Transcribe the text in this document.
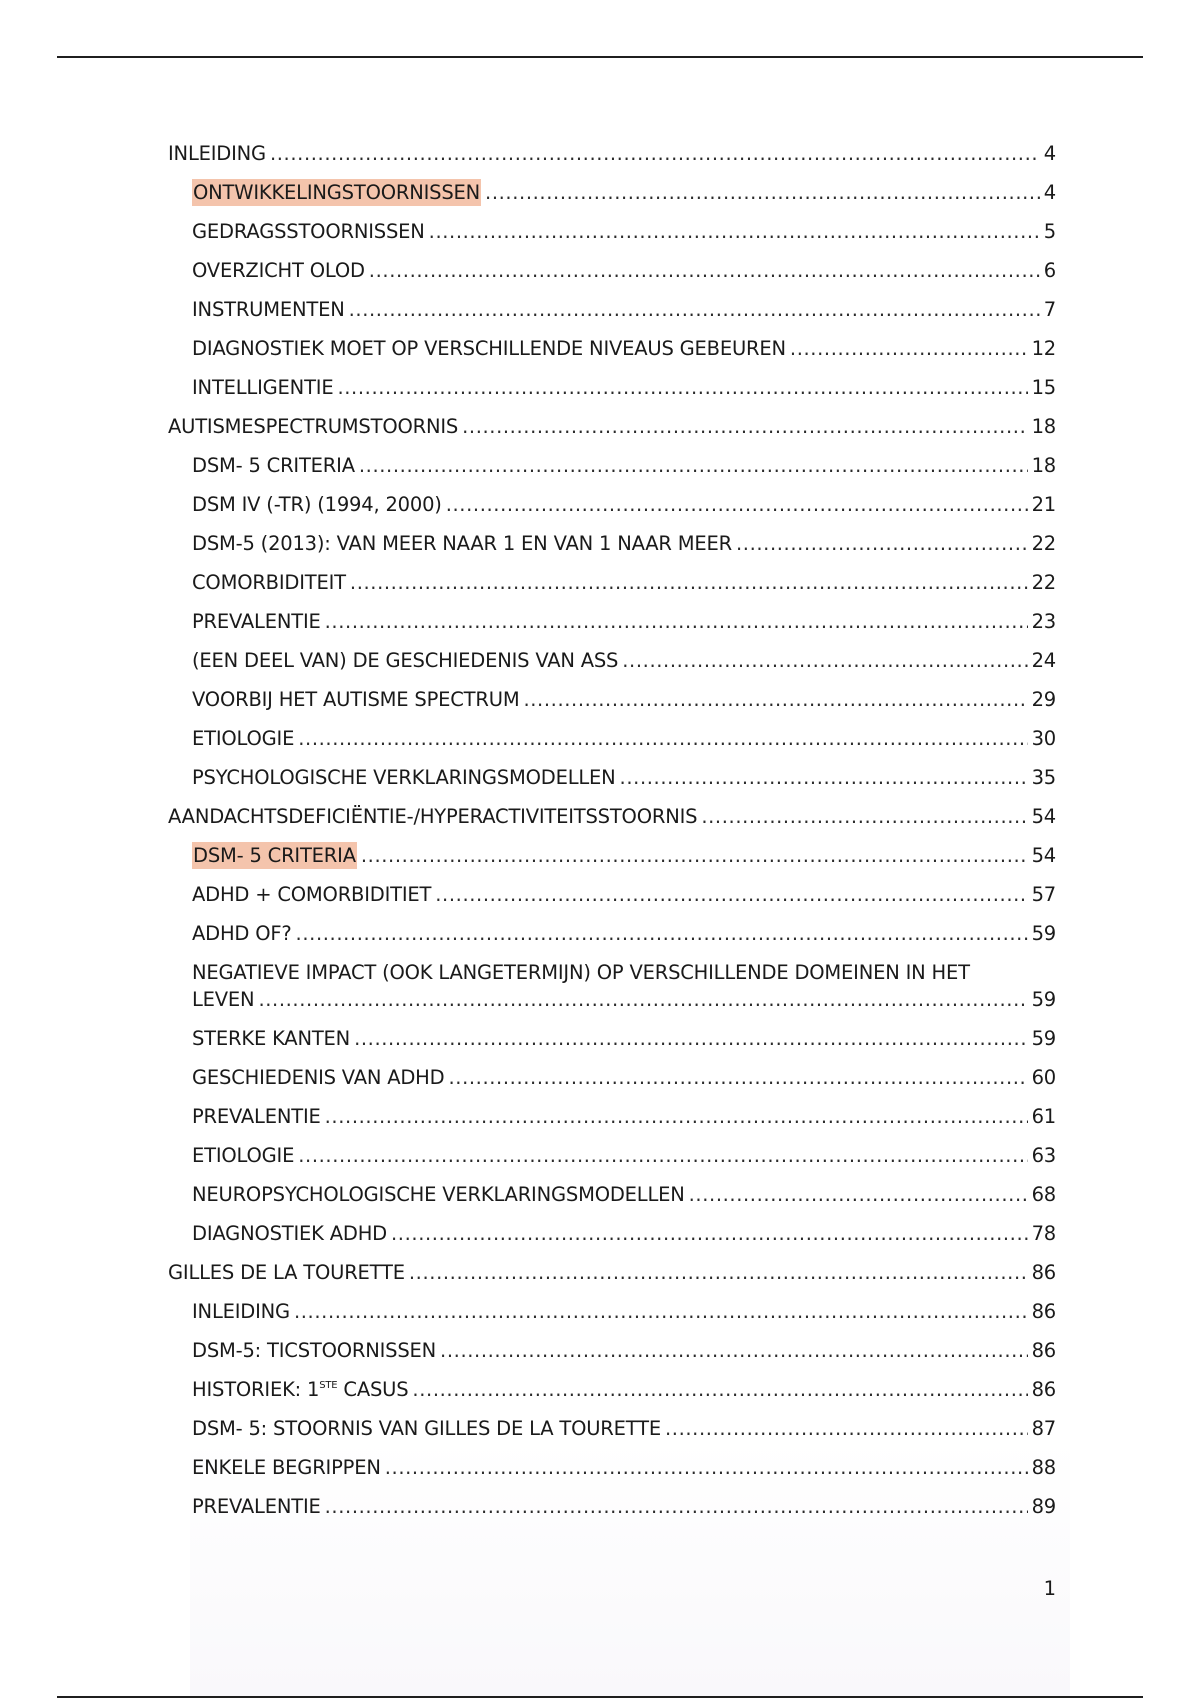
INLEIDING .....	4
ONTWIKKELINGSTOORNISSEN .....	4
GEDRAGSSTOORNISSEN .....	5
OVERZICHT OLOD .....	6
INSTRUMENTEN .....	7
DIAGNOSTIEK MOET OP VERSCHILLENDE NIVEAUS GEBEUREN .....	12
INTELLIGENTIE .....	15
AUTISMESPECTRUMSTOORNIS .....	18
DSM- 5 CRITERIA .....	18
DSM IV (-TR) (1994, 2000) .....	21
DSM-5 (2013): VAN MEER NAAR 1 EN VAN 1 NAAR MEER .....	22
COMORBIDITEIT .....	22
PREVALENTIE .....	23
(EEN DEEL VAN) DE GESCHIEDENIS VAN ASS .....	24
VOORBIJ HET AUTISME SPECTRUM .....	29
ETIOLOGIE .....	30
PSYCHOLOGISCHE VERKLARINGSMODELLEN .....	35
AANDACHTSDEFICIËNTIE-/HYPERACTIVITEITSSTOORNIS .....	54
DSM- 5 CRITERIA .....	54
ADHD + COMORBIDITIET .....	57
ADHD OF? .....	59
NEGATIEVE IMPACT (OOK LANGETERMIJN) OP VERSCHILLENDE DOMEINEN IN HET
LEVEN .....	59
STERKE KANTEN .....	59
GESCHIEDENIS VAN ADHD .....	60
PREVALENTIE .....	61
ETIOLOGIE .....	63
NEUROPSYCHOLOGISCHE VERKLARINGSMODELLEN .....	68
DIAGNOSTIEK ADHD .....	78
GILLES DE LA TOURETTE .....	86
INLEIDING .....	86
DSM-5: TICSTOORNISSEN .....	86
HISTORIEK: 1STE CASUS .....	86
DSM- 5: STOORNIS VAN GILLES DE LA TOURETTE .....	87
ENKELE BEGRIPPEN .....	88
PREVALENTIE .....	89
1
